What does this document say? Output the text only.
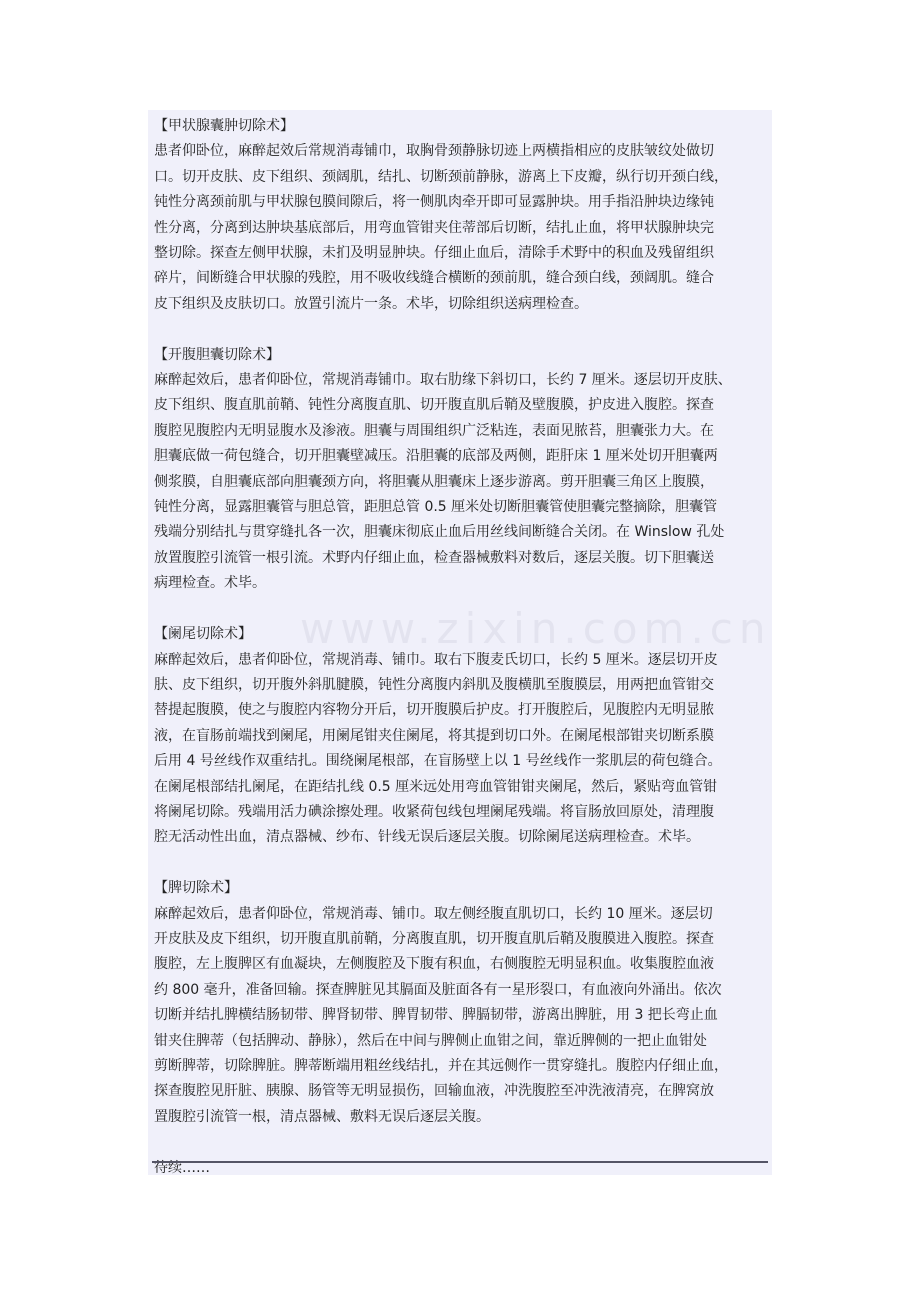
【甲状腺囊肿切除术】

患者仰卧位，麻醉起效后常规消毒铺巾，取胸骨颈静脉切迹上两横指相应的皮肤皱纹处做切
口。切开皮肤、皮下组织、颈阔肌，结扎、切断颈前静脉，游离上下皮瓣，纵行切开颈白线，
钝性分离颈前肌与甲状腺包膜间隙后，将一侧肌肉牵开即可显露肿块。用手指沿肿块边缘钝
性分离，分离到达肿块基底部后，用弯血管钳夹住蒂部后切断，结扎止血，将甲状腺肿块完
整切除。探查左侧甲状腺，未扪及明显肿块。仔细止血后，清除手术野中的积血及残留组织
碎片，间断缝合甲状腺的残腔，用不吸收线缝合横断的颈前肌，缝合颈白线，颈阔肌。缝合
皮下组织及皮肤切口。放置引流片一条。术毕，切除组织送病理检查。

【开腹胆囊切除术】

麻醉起效后，患者仰卧位，常规消毒铺巾。取右肋缘下斜切口，长约 7 厘米。逐层切开皮肤、
皮下组织、腹直肌前鞘、钝性分离腹直肌、切开腹直肌后鞘及壁腹膜，护皮进入腹腔。探查
腹腔见腹腔内无明显腹水及渗液。胆囊与周围组织广泛粘连，表面见脓苔，胆囊张力大。在
胆囊底做一荷包缝合，切开胆囊壁减压。沿胆囊的底部及两侧，距肝床 1 厘米处切开胆囊两
侧浆膜，自胆囊底部向胆囊颈方向，将胆囊从胆囊床上逐步游离。剪开胆囊三角区上腹膜，
钝性分离，显露胆囊管与胆总管，距胆总管 0.5 厘米处切断胆囊管使胆囊完整摘除，胆囊管
残端分别结扎与贯穿缝扎各一次，胆囊床彻底止血后用丝线间断缝合关闭。在 Winslow 孔处
放置腹腔引流管一根引流。术野内仔细止血，检查器械敷料对数后，逐层关腹。切下胆囊送
病理检查。术毕。

【阑尾切除术】

麻醉起效后，患者仰卧位，常规消毒、铺巾。取右下腹麦氏切口，长约 5 厘米。逐层切开皮
肤、皮下组织，切开腹外斜肌腱膜，钝性分离腹内斜肌及腹横肌至腹膜层，用两把血管钳交
替提起腹膜，使之与腹腔内容物分开后，切开腹膜后护皮。打开腹腔后，见腹腔内无明显脓
液，在盲肠前端找到阑尾，用阑尾钳夹住阑尾，将其提到切口外。在阑尾根部钳夹切断系膜
后用 4 号丝线作双重结扎。围绕阑尾根部，在盲肠壁上以 1 号丝线作一浆肌层的荷包缝合。
在阑尾根部结扎阑尾，在距结扎线 0.5 厘米远处用弯血管钳钳夹阑尾，然后，紧贴弯血管钳
将阑尾切除。残端用活力碘涂擦处理。收紧荷包线包埋阑尾残端。将盲肠放回原处，清理腹
腔无活动性出血，清点器械、纱布、针线无误后逐层关腹。切除阑尾送病理检查。术毕。

【脾切除术】

麻醉起效后，患者仰卧位，常规消毒、铺巾。取左侧经腹直肌切口，长约 10 厘米。逐层切
开皮肤及皮下组织，切开腹直肌前鞘，分离腹直肌，切开腹直肌后鞘及腹膜进入腹腔。探查
腹腔，左上腹脾区有血凝块，左侧腹腔及下腹有积血，右侧腹腔无明显积血。收集腹腔血液
约 800 毫升，准备回输。探查脾脏见其膈面及脏面各有一星形裂口，有血液向外涌出。依次
切断并结扎脾横结肠韧带、脾肾韧带、脾胃韧带、脾膈韧带，游离出脾脏，用 3 把长弯止血
钳夹住脾蒂（包括脾动、静脉），然后在中间与脾侧止血钳之间，靠近脾侧的一把止血钳处
剪断脾蒂，切除脾脏。脾蒂断端用粗丝线结扎，并在其远侧作一贯穿缝扎。腹腔内仔细止血，
探查腹腔见肝脏、胰腺、肠管等无明显损伤，回输血液，冲洗腹腔至冲洗液清亮，在脾窝放
置腹腔引流管一根，清点器械、敷料无误后逐层关腹。

待续……
